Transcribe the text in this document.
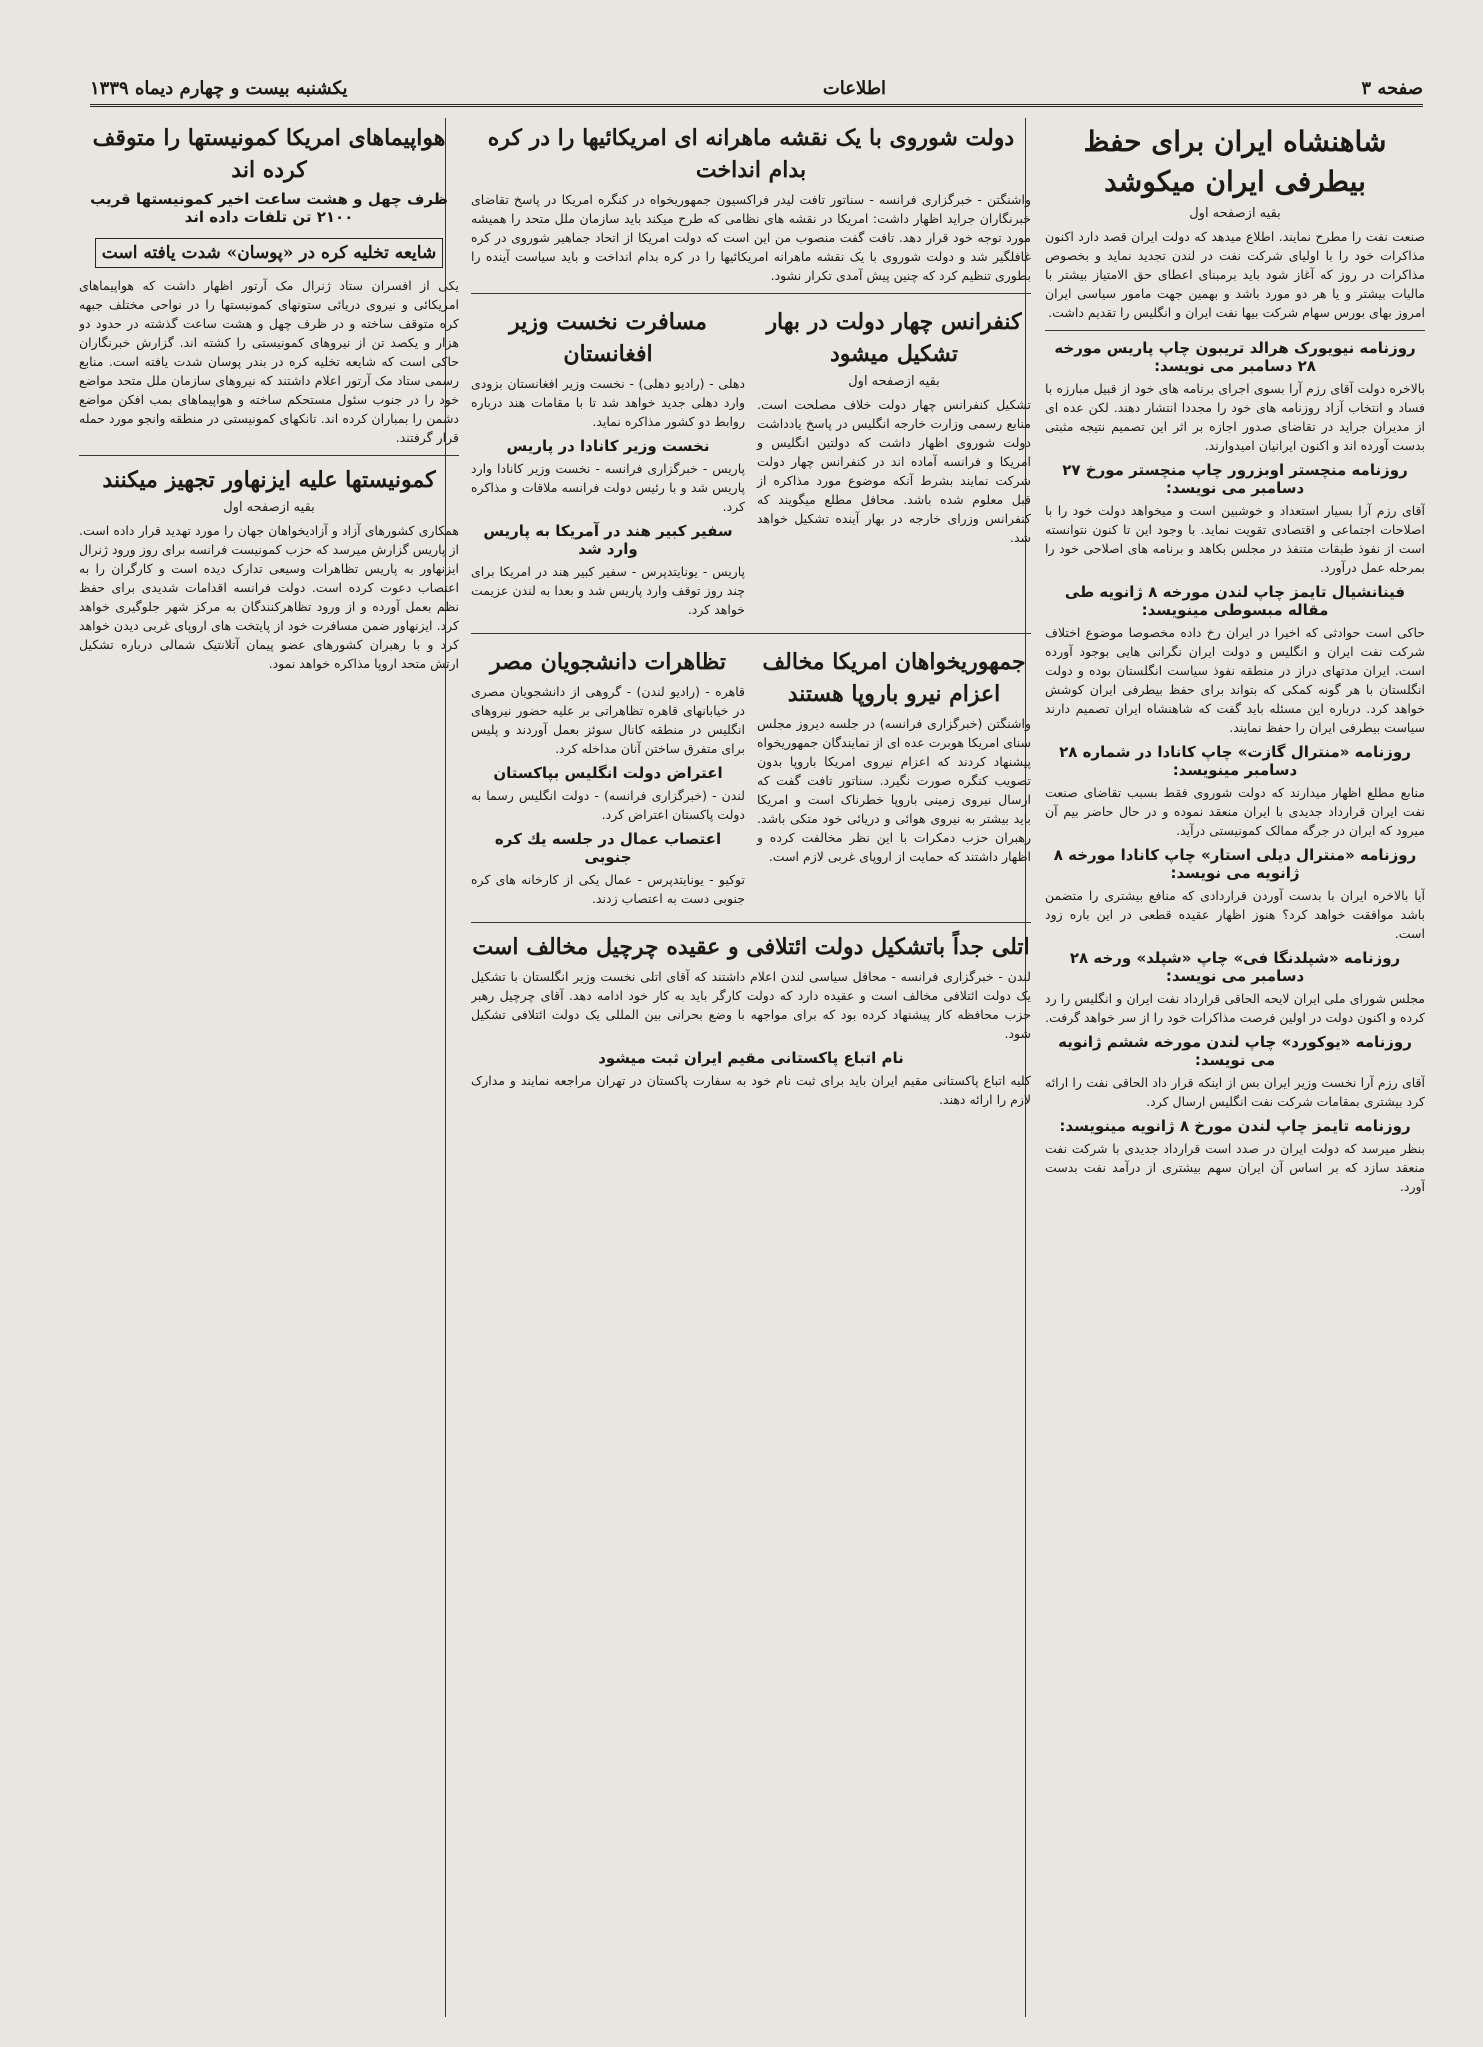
صفحه ۳
اطلاعات
یکشنبه بیست و چهارم دیماه ۱۳۳۹
شاهنشاه ایران برای حفظ بیطرفی ایران میکوشد
بقیه ازصفحه اول

صنعت نفت را مطرح نمایند. اطلاع میدهد که دولت ایران قصد دارد اکنون مذاکرات خود را با اولیای شرکت نفت در لندن تجدید نماید و بخصوص مذاکرات در روز که آغاز شود باید برمبنای اعطای حق الامتیاز بیشتر با مالیات بیشتر و یا هر دو مورد باشد و بهمین جهت مامور سیاسی ایران امروز بهای بورس سهام شرکت بیها نفت ایران و انگلیس را تقدیم داشت.

روزنامه نیویورک هرالد تریبون چاپ پاریس مورخه ۲۸ دسامبر می نویسد:

بالاخره دولت آقای رزم آرا بسوی اجرای برنامه های خود از قبیل مبارزه با فساد و انتخاب آزاد روزنامه های خود را مجددا انتشار دهند. لکن عده ای از مدیران جراید در تقاضای صدور اجازه بر اثر این تصمیم نتیجه مثبتی بدست آورده اند و اکنون ایرانیان امیدوارند.

روزنامه منچستر اوبزرور چاپ منچستر مورخ ۲۷ دسامبر می نویسد:

آقای رزم آرا بسیار استعداد و خوشبین است و میخواهد دولت خود را با اصلاحات اجتماعی و اقتصادی تقویت نماید. با وجود این تا کنون نتوانسته است از نفوذ طبقات متنفذ در مجلس بکاهد و برنامه های اصلاحی خود را بمرحله عمل درآورد.

فینانشیال تایمز چاپ لندن مورخه ۸ ژانویه طی مقاله مبسوطی مینویسد:

حاکی است حوادثی که اخیرا در ایران رخ داده مخصوصا موضوع اختلاف شرکت نفت ایران و انگلیس و دولت ایران نگرانی هایی بوجود آورده است. ایران مدتهای دراز در منطقه نفوذ سیاست انگلستان بوده و دولت انگلستان با هر گونه کمکی که بتواند برای حفظ بیطرفی ایران کوشش خواهد کرد. درباره این مسئله باید گفت که شاهنشاه ایران تصمیم دارند سیاست بیطرفی ایران را حفظ نمایند.

روزنامه «منترال گازت» چاپ کانادا در شماره ۲۸ دسامبر مینویسد:

منابع مطلع اظهار میدارند که دولت شوروی فقط بسبب تقاضای صنعت نفت ایران قرارداد جدیدی با ایران منعقد نموده و در حال حاضر بیم آن میرود که ایران در جرگه ممالک کمونیستی درآید.

روزنامه «منترال دیلی استار» چاپ کانادا مورخه ۸ ژانویه می نویسد:

آیا بالاخره ایران با بدست آوردن قراردادی که منافع بیشتری را متضمن باشد موافقت خواهد کرد؟ هنوز اظهار عقیده قطعی در این باره زود است.

روزنامه «شپلدنگا فی» چاپ «شپلد» ورخه ۲۸ دسامبر می نویسد:

مجلس شورای ملی ایران لایحه الحاقی قرارداد نفت ایران و انگلیس را رد کرده و اکنون دولت در اولین فرصت مذاکرات خود را از سر خواهد گرفت.

روزنامه «یوکورد» چاپ لندن مورخه ششم ژانویه می نویسد:

آقای رزم آرا نخست وزیر ایران بس از اینکه قرار داد الحاقی نفت را ارائه کرد بیشتری بمقامات شرکت نفت انگلیس ارسال کرد.

روزنامه تایمز چاپ لندن مورخ ۸ ژانویه مینویسد:

بنظر میرسد که دولت ایران در صدد است قرارداد جدیدی با شرکت نفت منعقد سازد که بر اساس آن ایران سهم بیشتری از درآمد نفت بدست آورد.

دولت شوروی با یک نقشه ماهرانه ای امریکائیها را در کره بدام انداخت

واشنگتن - خبرگزاری فرانسه - سناتور تافت لیدر فراکسیون جمهوریخواه در کنگره امریکا در پاسخ تقاضای خبرنگاران جراید اظهار داشت: امریکا در نقشه های نظامی که طرح میکند باید سازمان ملل متحد را همیشه مورد توجه خود قرار دهد. تافت گفت منصوب من این است که دولت امریکا از اتحاد جماهیر شوروی در کره غافلگیر شد و دولت شوروی با یک نقشه ماهرانه امریکائیها را در کره بدام انداخت و باید سیاست آینده را بطوری تنظیم کرد که چنین پیش آمدی تکرار نشود.

کنفرانس چهار دولت در بهار تشکیل میشود
بقیه ازصفحه اول

تشکیل کنفرانس چهار دولت خلاف مصلحت است. منابع رسمی وزارت خارجه انگلیس در پاسخ یادداشت دولت شوروی اظهار داشت که دولتین انگلیس و امریکا و فرانسه آماده اند در کنفرانس چهار دولت شرکت نمایند بشرط آنکه موضوع مورد مذاکره از قبل معلوم شده باشد. محافل مطلع میگویند که کنفرانس وزرای خارجه در بهار آینده تشکیل خواهد شد.

مسافرت نخست وزیر افغانستان

دهلی - (رادیو دهلی) - نخست وزیر افغانستان بزودی وارد دهلی جدید خواهد شد تا با مقامات هند درباره روابط دو کشور مذاکره نماید.

نخست وزیر کانادا در پاریس

پاریس - خبرگزاری فرانسه - نخست وزیر کانادا وارد پاریس شد و با رئیس دولت فرانسه ملاقات و مذاکره کرد.

سفیر کبیر هند در آمریکا به پاریس وارد شد

پاریس - یونایتدپرس - سفیر کبیر هند در امریکا برای چند روز توقف وارد پاریس شد و بعدا به لندن عزیمت خواهد کرد.

جمهوریخواهان امریکا مخالف اعزام نیرو باروپا هستند

واشنگتن (خبرگزاری فرانسه) در جلسه دیروز مجلس سنای امریکا هوبرت عده ای از نمایندگان جمهوریخواه پیشنهاد کردند که اعزام نیروی امریکا باروپا بدون تصویب کنگره صورت نگیرد. سناتور تافت گفت که ارسال نیروی زمینی باروپا خطرناک است و امریکا باید بیشتر به نیروی هوائی و دریائی خود متکی باشد. رهبران حزب دمکرات با این نظر مخالفت کرده و اظهار داشتند که حمایت از اروپای غربی لازم است.

تظاهرات دانشجویان مصر

قاهره - (رادیو لندن) - گروهی از دانشجویان مصری در خیابانهای قاهره تظاهراتی بر علیه حضور نیروهای انگلیس در منطقه کانال سوئز بعمل آوردند و پلیس برای متفرق ساختن آنان مداخله کرد.

اعتراض دولت انگلیس بپاکستان

لندن - (خبرگزاری فرانسه) - دولت انگلیس رسما به دولت پاکستان اعتراض کرد.

اعتصاب عمال در جلسه یك کره جنوبی

توکیو - یونایتدپرس - عمال یکی از کارخانه های کره جنوبی دست به اعتصاب زدند.

اتلی جداً باتشکیل دولت ائتلافی و عقیده چرچیل مخالف است

لندن - خبرگزاری فرانسه - محافل سیاسی لندن اعلام داشتند که آقای اتلی نخست وزیر انگلستان با تشکیل یک دولت ائتلافی مخالف است و عقیده دارد که دولت کارگر باید به کار خود ادامه دهد. آقای چرچیل رهبر حزب محافظه کار پیشنهاد کرده بود که برای مواجهه با وضع بحرانی بین المللی یک دولت ائتلافی تشکیل شود.

نام اتباع پاکستانی مقیم ایران ثبت میشود

کلیه اتباع پاکستانی مقیم ایران باید برای ثبت نام خود به سفارت پاکستان در تهران مراجعه نمایند و مدارک لازم را ارائه دهند.

هواپیماهای امریکا کمونیستها را متوقف کرده اند
ظرف چهل و هشت ساعت اخیر کمونیستها قریب ۲۱۰۰ تن تلفات داده اند
شایعه تخلیه کره در «پوسان» شدت یافته است

یکی از افسران ستاد ژنرال مک آرتور اظهار داشت که هواپیماهای امریکائی و نیروی دریائی ستونهای کمونیستها را در نواحی مختلف جبهه کره متوقف ساخته و در ظرف چهل و هشت ساعت گذشته در حدود دو هزار و یکصد تن از نیروهای کمونیستی را کشته اند. گزارش خبرنگاران حاکی است که شایعه تخلیه کره در بندر پوسان شدت یافته است. منابع رسمی ستاد مک آرتور اعلام داشتند که نیروهای سازمان ملل متحد مواضع خود را در جنوب سئول مستحکم ساخته و هواپیماهای بمب افکن مواضع دشمن را بمباران کرده اند. تانکهای کمونیستی در منطقه وانجو مورد حمله قرار گرفتند.

کمونیستها علیه ایزنهاور تجهیز میکنند
بقیه ازصفحه اول

همکاری کشورهای آزاد و آزادیخواهان جهان را مورد تهدید قرار داده است. از پاریس گزارش میرسد که حزب کمونیست فرانسه برای روز ورود ژنرال ایزنهاور به پاریس تظاهرات وسیعی تدارک دیده است و کارگران را به اعتصاب دعوت کرده است. دولت فرانسه اقدامات شدیدی برای حفظ نظم بعمل آورده و از ورود تظاهرکنندگان به مرکز شهر جلوگیری خواهد کرد. ایزنهاور ضمن مسافرت خود از پایتخت های اروپای غربی دیدن خواهد کرد و با رهبران کشورهای عضو پیمان آتلانتیک شمالی درباره تشکیل ارتش متحد اروپا مذاکره خواهد نمود.
